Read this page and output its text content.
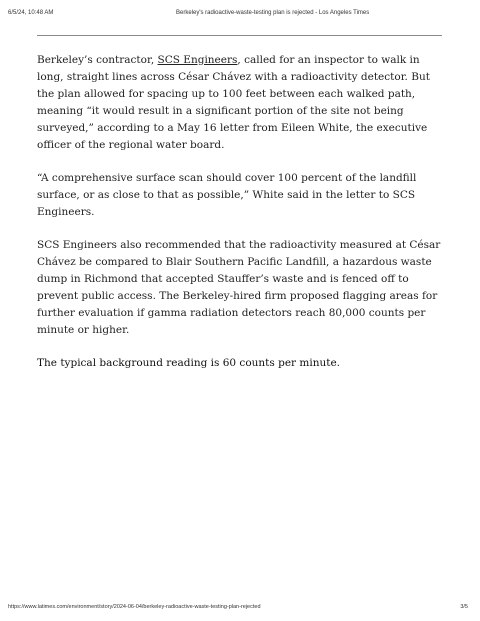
6/5/24, 10:48 AM	Berkeley's radioactive-waste-testing plan is rejected - Los Angeles Times

Berkeley’s contractor, SCS Engineers, called for an inspector to walk in long, straight lines across César Chávez with a radioactivity detector. But the plan allowed for spacing up to 100 feet between each walked path, meaning “it would result in a significant portion of the site not being surveyed,” according to a May 16 letter from Eileen White, the executive officer of the regional water board.

“A comprehensive surface scan should cover 100 percent of the landfill surface, or as close to that as possible,” White said in the letter to SCS Engineers.

SCS Engineers also recommended that the radioactivity measured at César Chávez be compared to Blair Southern Pacific Landfill, a hazardous waste dump in Richmond that accepted Stauffer’s waste and is fenced off to prevent public access. The Berkeley-hired firm proposed flagging areas for further evaluation if gamma radiation detectors reach 80,000 counts per minute or higher.

The typical background reading is 60 counts per minute.

https://www.latimes.com/environment/story/2024-06-04/berkeley-radioactive-waste-testing-plan-rejected	3/5
